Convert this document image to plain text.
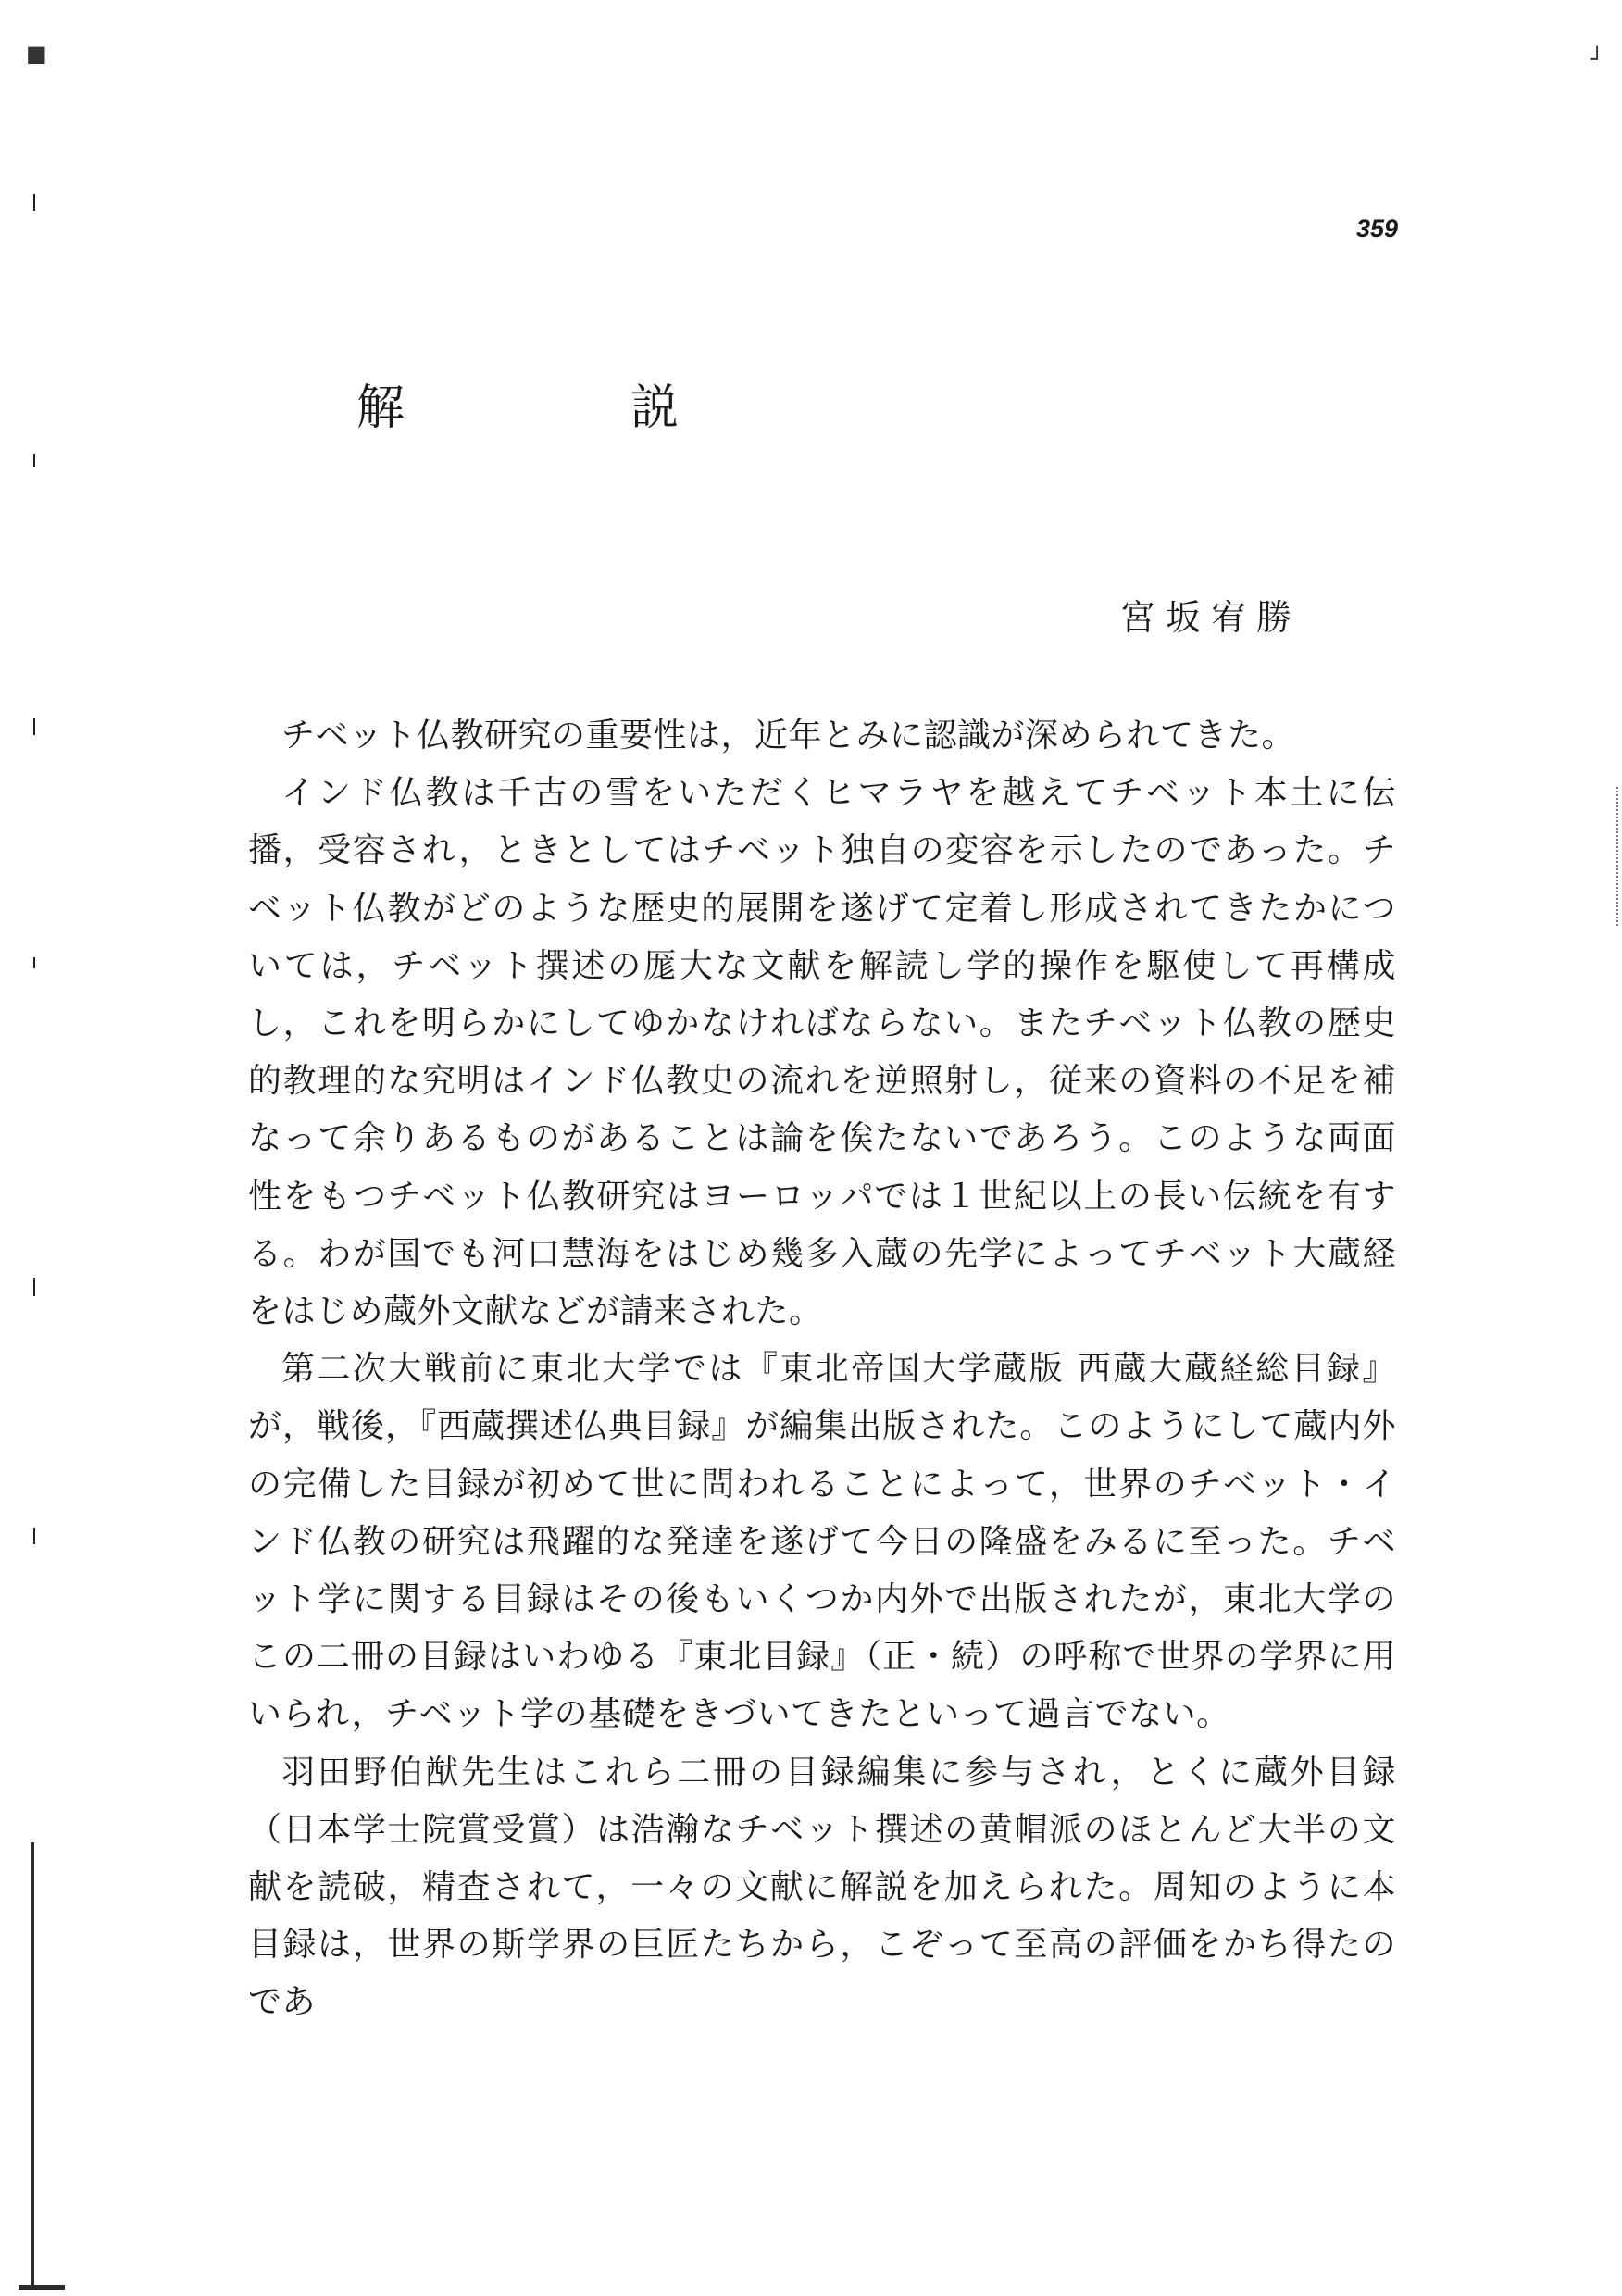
359
解　説
宮坂宥勝

チベット仏教研究の重要性は，近年とみに認識が深められてきた。

インド仏教は千古の雪をいただくヒマラヤを越えてチベット本土に伝播，受容され，ときとしてはチベット独自の変容を示したのであった。チベット仏教がどのような歴史的展開を遂げて定着し形成されてきたかについては，チベット撰述の厖大な文献を解読し学的操作を駆使して再構成し，これを明らかにしてゆかなければならない。またチベット仏教の歴史的教理的な究明はインド仏教史の流れを逆照射し，従来の資料の不足を補なって余りあるものがあることは論を俟たないであろう。このような両面性をもつチベット仏教研究はヨーロッパでは１世紀以上の長い伝統を有する。わが国でも河口慧海をはじめ幾多入蔵の先学によってチベット大蔵経をはじめ蔵外文献などが請来された。

第二次大戦前に東北大学では『東北帝国大学蔵版 西蔵大蔵経総目録』が，戦後，『西蔵撰述仏典目録』が編集出版された。このようにして蔵内外の完備した目録が初めて世に問われることによって，世界のチベット・インド仏教の研究は飛躍的な発達を遂げて今日の隆盛をみるに至った。チベット学に関する目録はその後もいくつか内外で出版されたが，東北大学のこの二冊の目録はいわゆる『東北目録』（正・続）の呼称で世界の学界に用いられ，チベット学の基礎をきづいてきたといって過言でない。

羽田野伯猷先生はこれら二冊の目録編集に参与され，とくに蔵外目録（日本学士院賞受賞）は浩瀚なチベット撰述の黄帽派のほとんど大半の文献を読破，精査されて，一々の文献に解説を加えられた。周知のように本目録は，世界の斯学界の巨匠たちから，こぞって至高の評価をかち得たのであ

■	┘
